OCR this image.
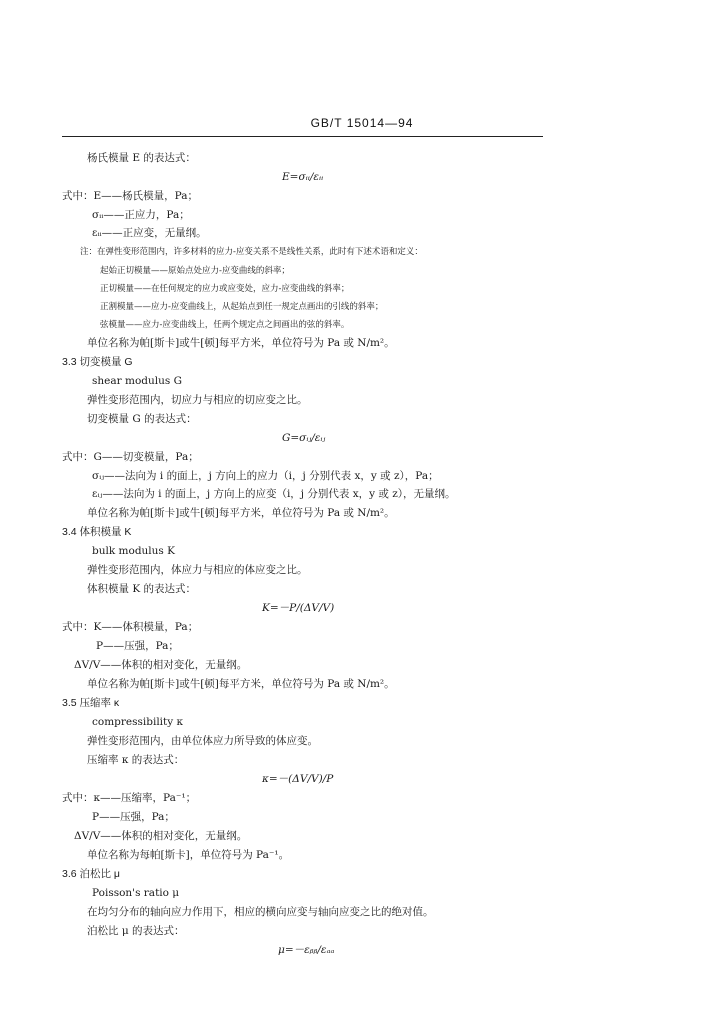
GB/T 15014—94
杨氏模量 E 的表达式：
E=σᵢᵢ/εᵢᵢ
式中：E——杨氏模量，Pa；
σᵢᵢ——正应力，Pa；
εᵢᵢ——正应变，无量纲。
注：在弹性变形范围内，许多材料的应力-应变关系不是线性关系，此时有下述术语和定义：
起始正切模量——原始点处应力-应变曲线的斜率；
正切模量——在任何规定的应力或应变处，应力-应变曲线的斜率；
正割模量——应力-应变曲线上，从起始点到任一规定点画出的引线的斜率；
弦模量——应力-应变曲线上，任两个规定点之间画出的弦的斜率。
单位名称为帕[斯卡]或牛[顿]每平方米，单位符号为 Pa 或 N/m²。
3.3 切变模量 G
shear modulus G
弹性变形范围内，切应力与相应的切应变之比。
切变模量 G 的表达式：
G=σᵢⱼ/εᵢⱼ
式中：G——切变模量，Pa；
σᵢⱼ——法向为 i 的面上，j 方向上的应力（i，j 分别代表 x，y 或 z），Pa；
εᵢⱼ——法向为 i 的面上，j 方向上的应变（i，j 分别代表 x，y 或 z），无量纲。
单位名称为帕[斯卡]或牛[顿]每平方米，单位符号为 Pa 或 N/m²。
3.4 体积模量 K
bulk modulus K
弹性变形范围内，体应力与相应的体应变之比。
体积模量 K 的表达式：
K=－P/(ΔV/V)
式中：K——体积模量，Pa；
P——压强，Pa；
ΔV/V——体积的相对变化，无量纲。
单位名称为帕[斯卡]或牛[顿]每平方米，单位符号为 Pa 或 N/m²。
3.5 压缩率 κ
compressibility κ
弹性变形范围内，由单位体应力所导致的体应变。
压缩率 κ 的表达式：
κ=－(ΔV/V)/P
式中：κ——压缩率，Pa⁻¹；
P——压强，Pa；
ΔV/V——体积的相对变化，无量纲。
单位名称为每帕[斯卡]，单位符号为 Pa⁻¹。
3.6 泊松比 μ
Poisson's ratio μ
在均匀分布的轴向应力作用下，相应的横向应变与轴向应变之比的绝对值。
泊松比 μ 的表达式：
μ=－εᵦᵦ/εₐₐ
